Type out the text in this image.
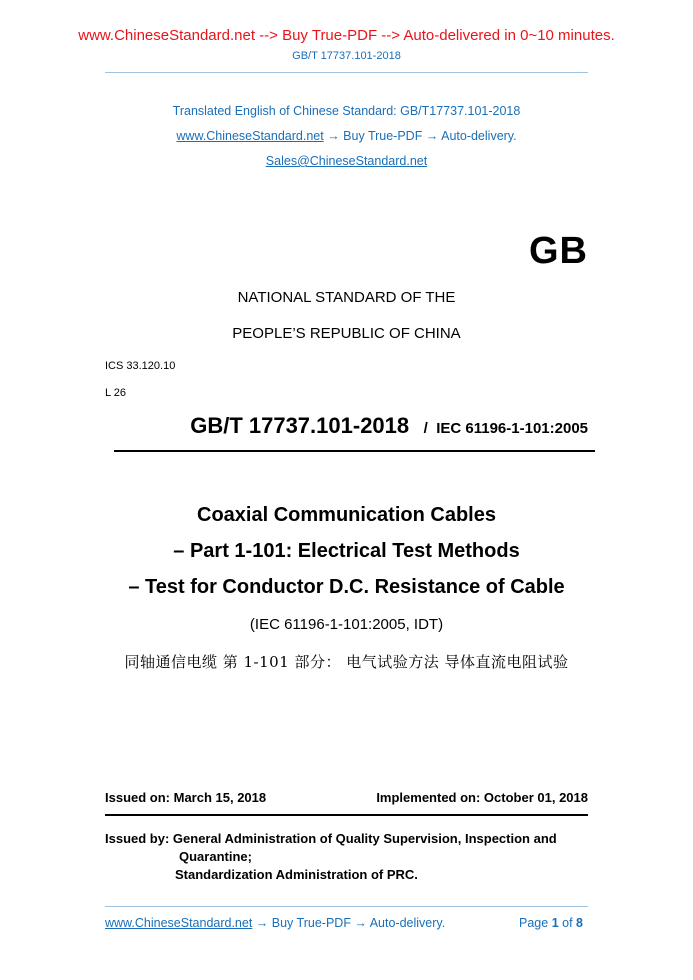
www.ChineseStandard.net --> Buy True-PDF --> Auto-delivered in 0~10 minutes.
GB/T 17737.101-2018
Translated English of Chinese Standard: GB/T17737.101-2018
www.ChineseStandard.net → Buy True-PDF → Auto-delivery.
Sales@ChineseStandard.net
GB
NATIONAL STANDARD OF THE
PEOPLE’S REPUBLIC OF CHINA
ICS 33.120.10
L 26
GB/T 17737.101-2018 / IEC 61196-1-101:2005
Coaxial Communication Cables
– Part 1-101: Electrical Test Methods
– Test for Conductor D.C. Resistance of Cable
(IEC 61196-1-101:2005, IDT)
同轴通信电缆 第 1-101 部分： 电气试验方法 导体直流电阻试验
Issued on: March 15, 2018	Implemented on: October 01, 2018
Issued by: General Administration of Quality Supervision, Inspection and
Quarantine;
Standardization Administration of PRC.
www.ChineseStandard.net → Buy True-PDF → Auto-delivery.	Page 1 of 8
